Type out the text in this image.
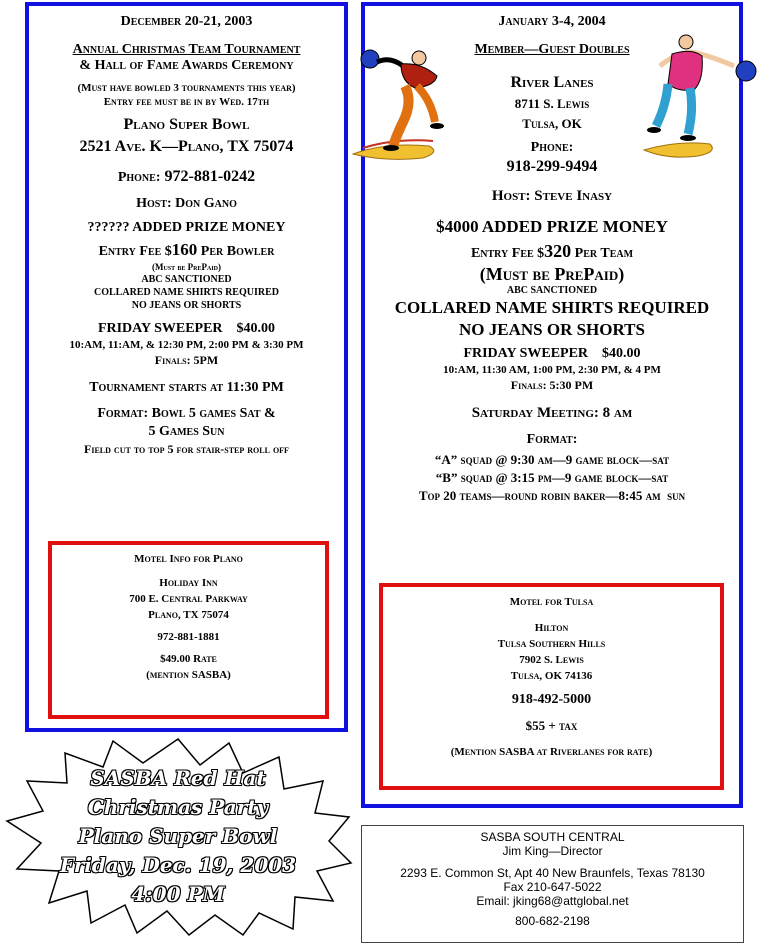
December 20-21, 2003
Annual Christmas Team Tournament
& Hall of Fame Awards Ceremony
(Must have bowled 3 tournaments this year)
Entry fee must be in by Wed. 17th
Plano Super Bowl
2521 Ave. K—Plano, TX 75074
Phone: 972-881-0242
Host: Don Gano
?????? ADDED PRIZE MONEY
Entry Fee $160 Per Bowler
(Must be PrePaid)
ABC SANCTIONED
COLLARED NAME SHIRTS REQUIRED
NO JEANS OR SHORTS
FRIDAY SWEEPER    $40.00
10:AM, 11:AM, & 12:30 PM, 2:00 PM & 3:30 PM
Finals: 5PM
Tournament starts at 11:30 PM
Format: Bowl 5 games Sat &
5 Games Sun
Field cut to top 5 for stair-step roll off
Motel Info for Plano
Holiday Inn
700 E. Central Parkway
Plano, TX 75074
972-881-1881
$49.00 Rate
(mention SASBA)
January 3-4, 2004
Member—Guest Doubles
River Lanes
8711 S. Lewis
Tulsa, OK
Phone:
918-299-9494
Host: Steve Inasy
$4000 ADDED PRIZE MONEY
Entry Fee $320 Per Team
(Must be PrePaid)
ABC SANCTIONED
COLLARED NAME SHIRTS REQUIRED
NO JEANS OR SHORTS
FRIDAY SWEEPER    $40.00
10:AM, 11:30 AM, 1:00 PM, 2:30 PM, & 4 PM
Finals: 5:30 PM
Saturday Meeting: 8 am
Format:
“A” squad @ 9:30 am—9 game block—sat
“B” squad @ 3:15 pm—9 game block—sat
Top 20 teams—round robin baker—8:45 am  sun
Motel for Tulsa
Hilton
Tulsa Southern Hills
7902 S. Lewis
Tulsa, OK 74136
918-492-5000
$55 + tax
(Mention SASBA at Riverlanes for rate)
SASBA Red Hat
Christmas Party
Plano Super Bowl
Friday, Dec. 19, 2003
4:00 PM
SASBA SOUTH CENTRAL
Jim King—Director
2293 E. Common St, Apt 40 New Braunfels, Texas 78130
Fax 210-647-5022
Email: jking68@attglobal.net
800-682-2198
